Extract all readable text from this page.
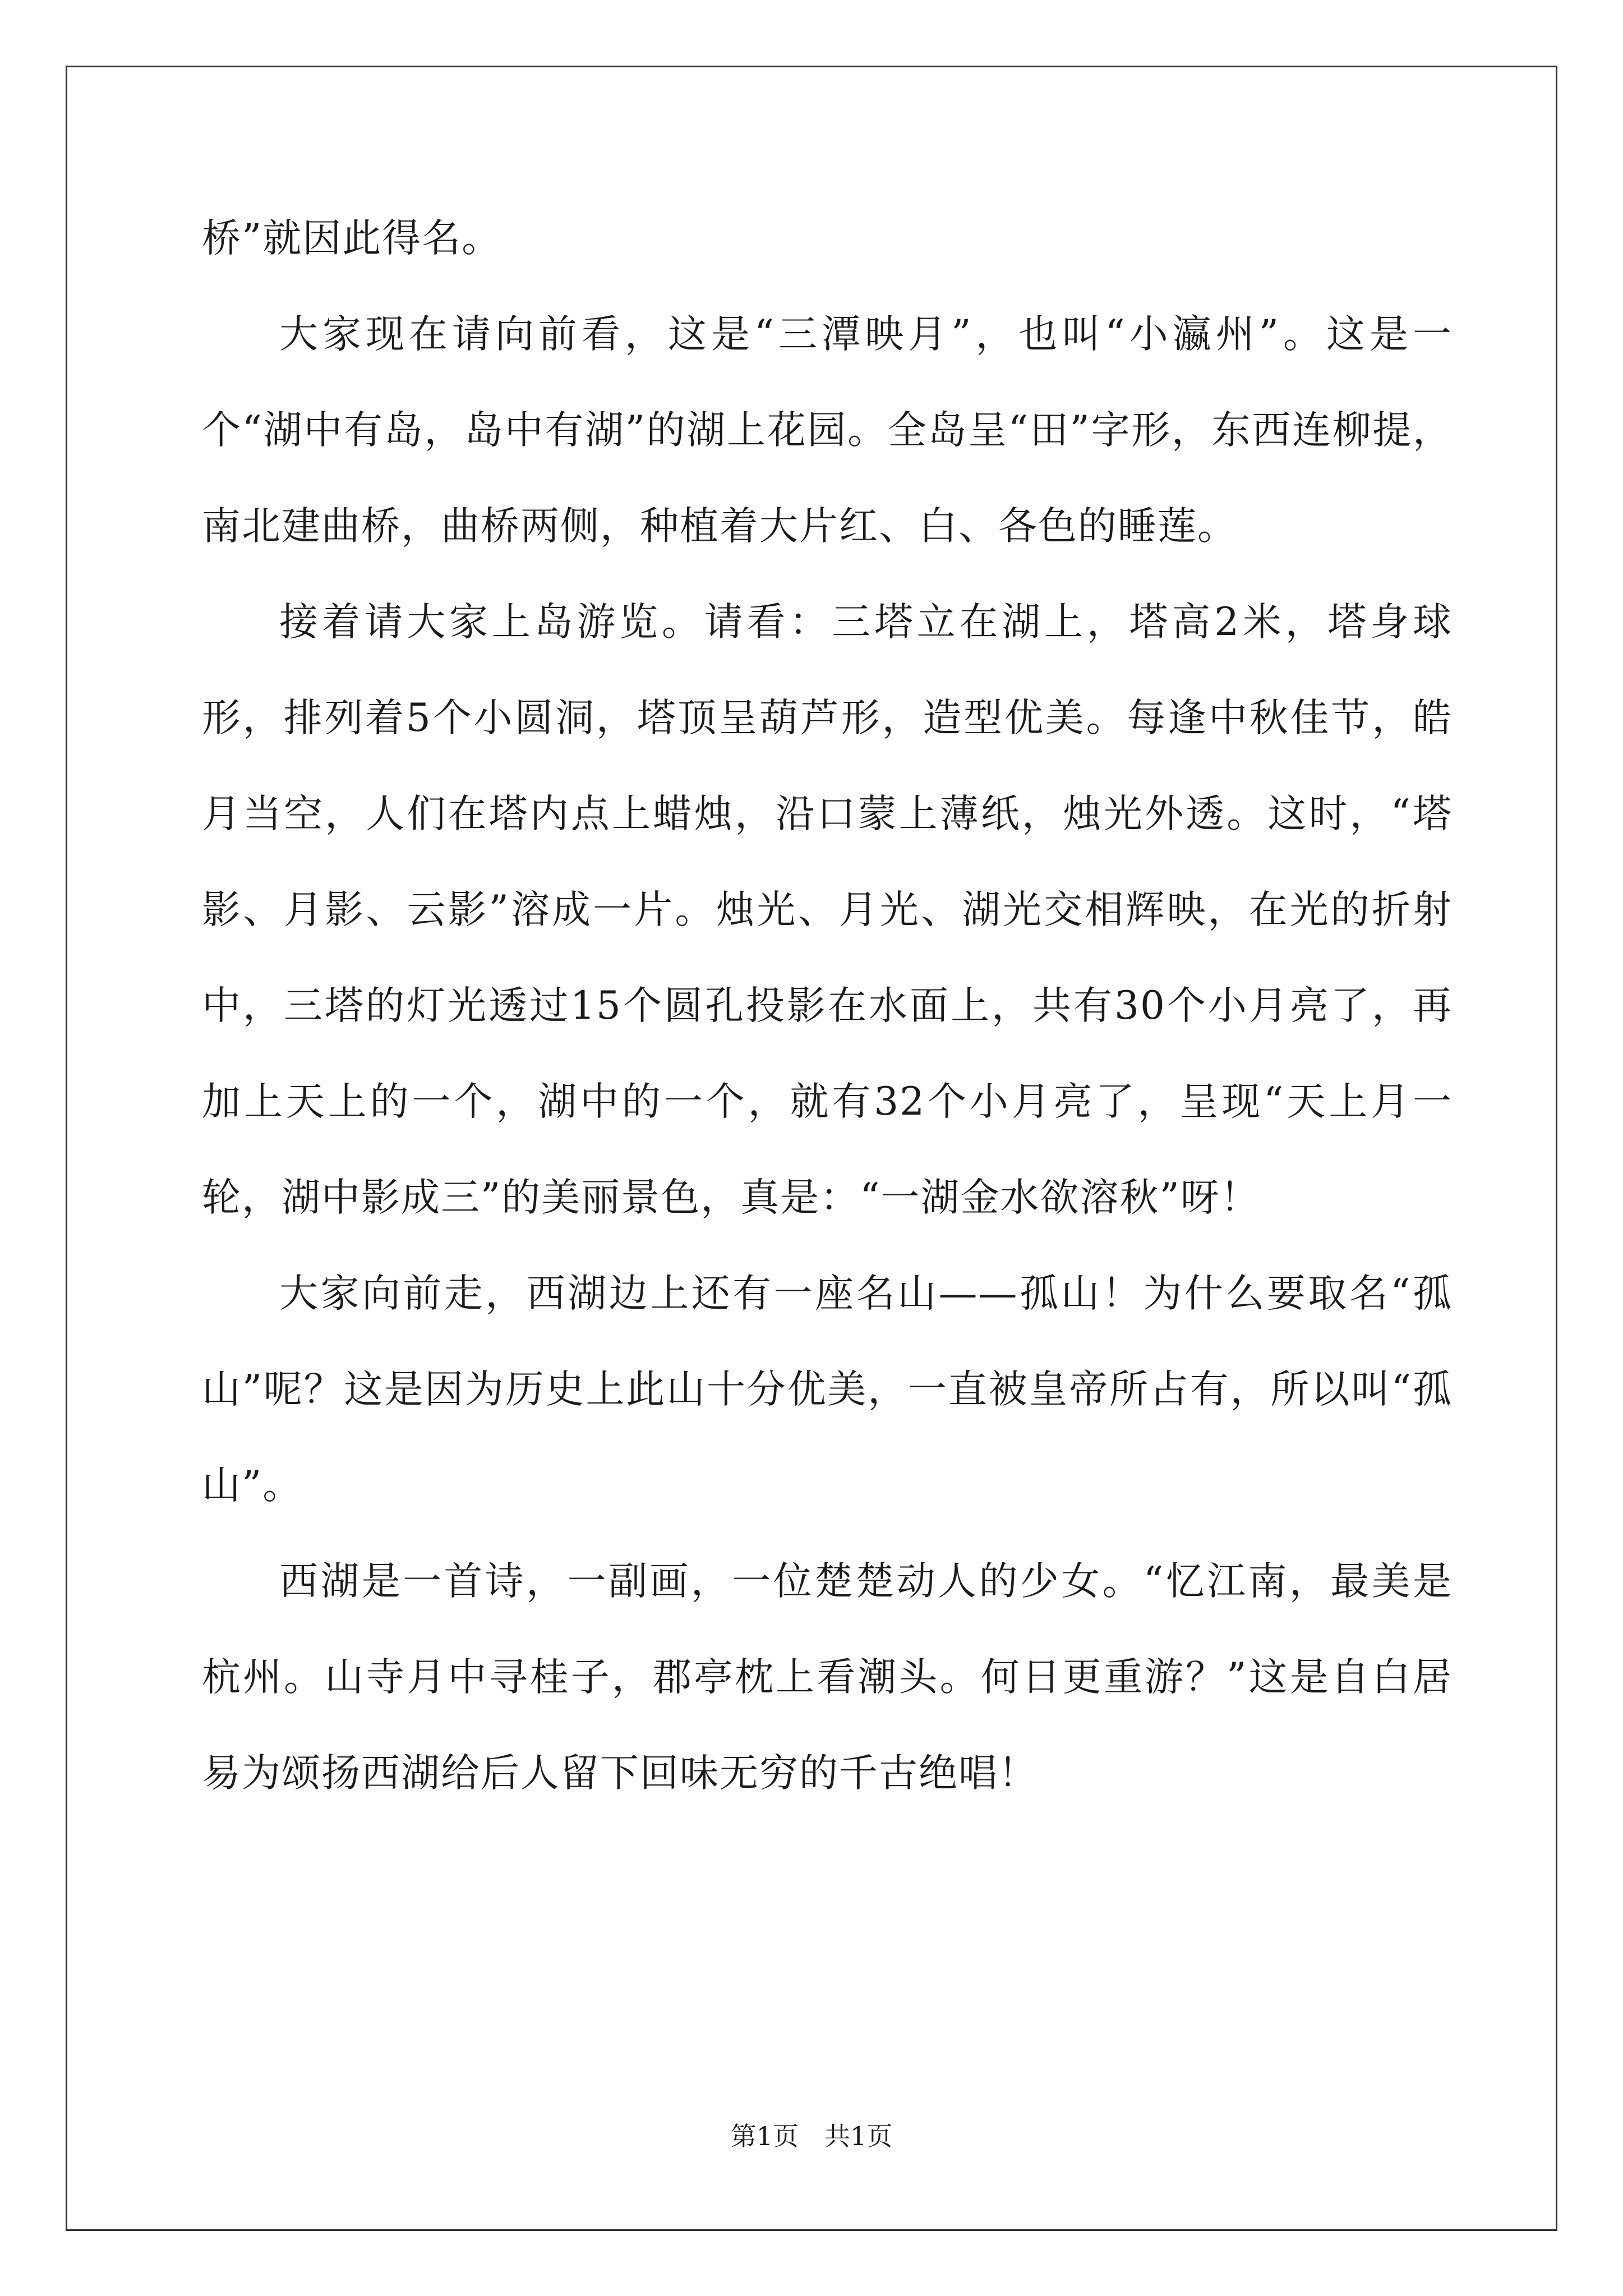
桥”就因此得名。

大家现在请向前看，这是“三潭映月”，也叫“小瀛州”。这是一个“湖中有岛，岛中有湖”的湖上花园。全岛呈“田”字形，东西连柳提，南北建曲桥，曲桥两侧，种植着大片红、白、各色的睡莲。

接着请大家上岛游览。请看：三塔立在湖上，塔高2米，塔身球形，排列着5个小圆洞，塔顶呈葫芦形，造型优美。每逢中秋佳节，皓月当空，人们在塔内点上蜡烛，沿口蒙上薄纸，烛光外透。这时，“塔影、月影、云影”溶成一片。烛光、月光、湖光交相辉映，在光的折射中，三塔的灯光透过15个圆孔投影在水面上，共有30个小月亮了，再加上天上的一个，湖中的一个，就有32个小月亮了，呈现“天上月一轮，湖中影成三”的美丽景色，真是：“一湖金水欲溶秋”呀！

大家向前走，西湖边上还有一座名山——孤山！为什么要取名“孤山”呢？这是因为历史上此山十分优美，一直被皇帝所占有，所以叫“孤山”。

西湖是一首诗，一副画，一位楚楚动人的少女。“忆江南，最美是杭州。山寺月中寻桂子，郡亭枕上看潮头。何日更重游？”这是自白居易为颂扬西湖给后人留下回味无穷的千古绝唱！

第1页 共1页
